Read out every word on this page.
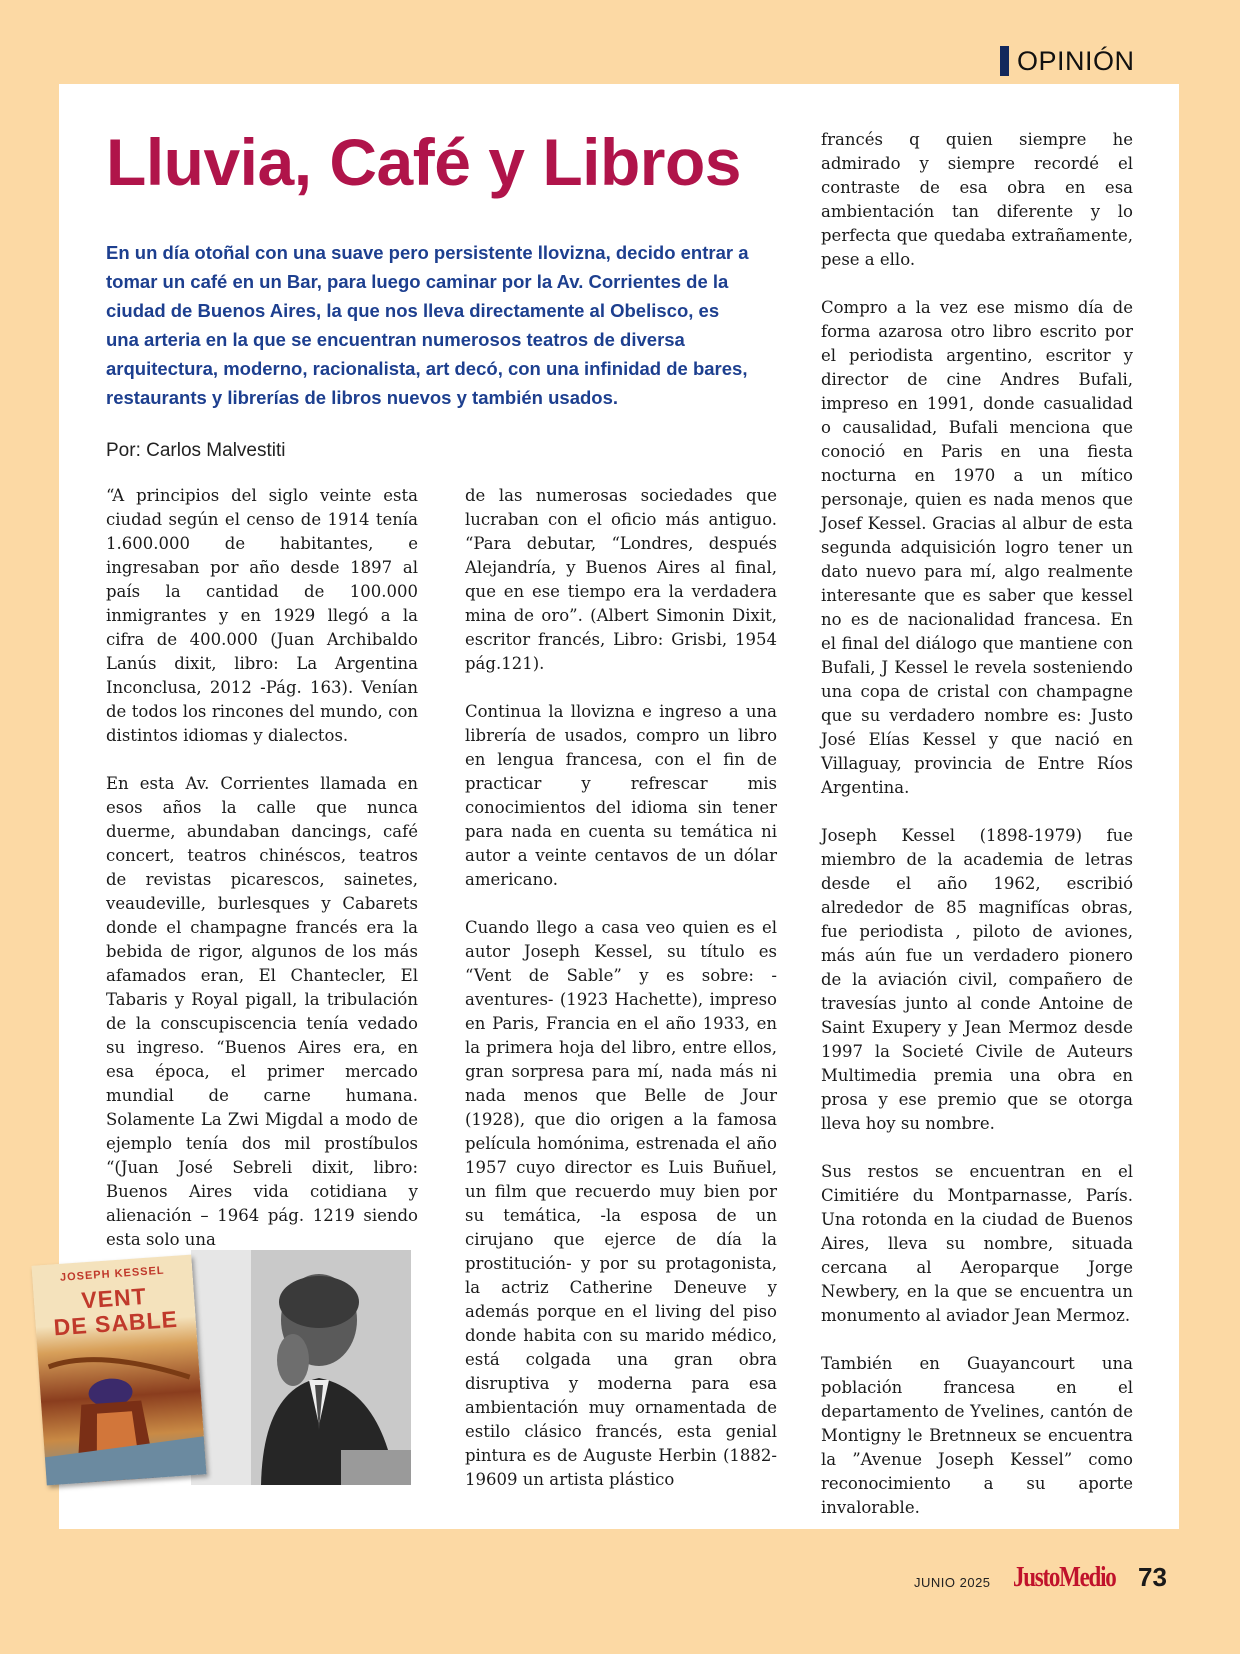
OPINIÓN
Lluvia, Café y Libros

En un día otoñal con una suave pero persistente llovizna, decido entrar a tomar un café en un Bar, para luego caminar por la Av. Corrientes de la ciudad de Buenos Aires, la que nos lleva directamente al Obelisco, es una arteria en la que se encuentran numerosos teatros de diversa arquitectura, moderno, racionalista, art decó, con una infinidad de bares, restaurants y librerías de libros nuevos y también usados.

Por: Carlos Malvestiti

“A principios del siglo veinte esta ciudad según el censo de 1914 tenía 1.600.000 de habitantes, e ingresaban por año desde 1897 al país la cantidad de 100.000 inmigrantes y en 1929 llegó a la cifra de 400.000 (Juan Archibaldo Lanús dixit, libro: La Argentina Inconclusa, 2012 -Pág. 163). Venían de todos los rincones del mundo, con distintos idiomas y dialectos.

En esta Av. Corrientes llamada en esos años la calle que nunca duerme, abundaban dancings, café concert, teatros chinéscos, teatros de revistas picarescos, sainetes, veaudeville, burlesques y Cabarets donde el champagne francés era la bebida de rigor, algunos de los más afamados eran, El Chantecler, El Tabaris y Royal pigall, la tribulación de la conscupiscencia tenía vedado su ingreso. “Buenos Aires era, en esa época, el primer mercado mundial de carne humana. Solamente La Zwi Migdal a modo de ejemplo tenía dos mil prostíbulos “(Juan José Sebreli dixit, libro: Buenos Aires vida cotidiana y alienación – 1964 pág. 1219 siendo esta solo una

de las numerosas sociedades que lucraban con el oficio más antiguo. “Para debutar, “Londres, después Alejandría, y Buenos Aires al final, que en ese tiempo era la verdadera mina de oro”. (Albert Simonin Dixit, escritor francés, Libro: Grisbi, 1954 pág.121).

Continua la llovizna e ingreso a una librería de usados, compro un libro en lengua francesa, con el fin de practicar y refrescar mis conocimientos del idioma sin tener para nada en cuenta su temática ni autor a veinte centavos de un dólar americano.

Cuando llego a casa veo quien es el autor Joseph Kessel, su título es “Vent de Sable” y es sobre: -aventures- (1923 Hachette), impreso en Paris, Francia en el año 1933, en la primera hoja del libro, entre ellos, gran sorpresa para mí, nada más ni nada menos que Belle de Jour (1928), que dio origen a la famosa película homónima, estrenada el año 1957 cuyo director es Luis Buñuel, un film que recuerdo muy bien por su temática, -la esposa de un cirujano que ejerce de día la prostitución- y por su protagonista, la actriz Catherine Deneuve y además porque en el living del piso donde habita con su marido médico, está colgada una gran obra disruptiva y moderna para esa ambientación muy ornamentada de estilo clásico francés, esta genial pintura es de Auguste Herbin (1882-19609 un artista plástico

francés q quien siempre he admirado y siempre recordé el contraste de esa obra en esa ambientación tan diferente y lo perfecta que quedaba extrañamente, pese a ello.

Compro a la vez ese mismo día de forma azarosa otro libro escrito por el periodista argentino, escritor y director de cine Andres Bufali, impreso en 1991, donde casualidad o causalidad, Bufali menciona que conoció en Paris en una fiesta nocturna en 1970 a un mítico personaje, quien es nada menos que Josef Kessel. Gracias al albur de esta segunda adquisición logro tener un dato nuevo para mí, algo realmente interesante que es saber que kessel no es de nacionalidad francesa. En el final del diálogo que mantiene con Bufali, J Kessel le revela sosteniendo una copa de cristal con champagne que su verdadero nombre es: Justo José Elías Kessel y que nació en Villaguay, provincia de Entre Ríos Argentina.

Joseph Kessel (1898-1979) fue miembro de la academia de letras desde el año 1962, escribió alrededor de 85 magnifícas obras, fue periodista , piloto de aviones, más aún fue un verdadero pionero de la aviación civil, compañero de travesías junto al conde Antoine de Saint Exupery y Jean Mermoz desde 1997 la Societé Civile de Auteurs Multimedia premia una obra en prosa y ese premio que se otorga lleva hoy su nombre.

Sus restos se encuentran en el Cimitiére du Montparnasse, París. Una rotonda en la ciudad de Buenos Aires, lleva su nombre, situada cercana al Aeroparque Jorge Newbery, en la que se encuentra un monumento al aviador Jean Mermoz.

También en Guayancourt una población francesa en el departamento de Yvelines, cantón de Montigny le Bretnneux se encuentra la ”Avenue Joseph Kessel” como reconocimiento a su aporte invalorable.

JOSEPH KESSEL
VENT
DE SABLE
JUNIO 2025 JustoMedio 73
